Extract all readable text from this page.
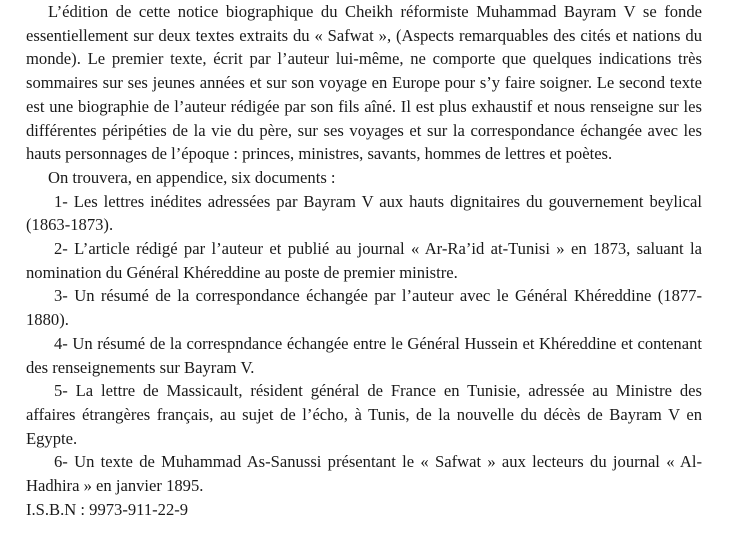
L’édition de cette notice biographique du Cheikh réformiste Muhammad Bayram V se fonde essentiellement sur deux textes extraits du « Safwat », (Aspects remarquables des cités et nations du monde). Le premier texte, écrit par l’auteur lui-même, ne comporte que quelques indications très sommaires sur ses jeunes années et sur son voyage en Europe pour s’y faire soigner. Le second texte est une biographie de l’auteur rédigée par son fils aîné. Il est plus exhaustif et nous renseigne sur les différentes péripéties de la vie du père, sur ses voyages et sur la correspondance échangée avec les hauts personnages de l’époque : princes, ministres, savants, hommes de lettres et poètes.

On trouvera, en appendice, six documents :

1- Les lettres inédites adressées par Bayram V aux hauts dignitaires du gouvernement beylical (1863-1873).

2- L’article rédigé par l’auteur et publié au journal « Ar-Ra’id at-Tunisi » en 1873, saluant la nomination du Général Khéreddine au poste de premier ministre.

3- Un résumé de la correspondance échangée par l’auteur avec le Général Khéreddine (1877-1880).

4- Un résumé de la correspndance échangée entre le Général Hussein et Khéreddine et contenant des renseignements sur Bayram V.

5- La lettre de Massicault, résident général de France en Tunisie, adressée au Ministre des affaires étrangères français, au sujet de l’écho, à Tunis, de la nouvelle du décès de Bayram V en Egypte.

6- Un texte de Muhammad As-Sanussi présentant le « Safwat » aux lecteurs du journal « Al-Hadhira » en janvier 1895.

I.S.B.N : 9973-911-22-9
